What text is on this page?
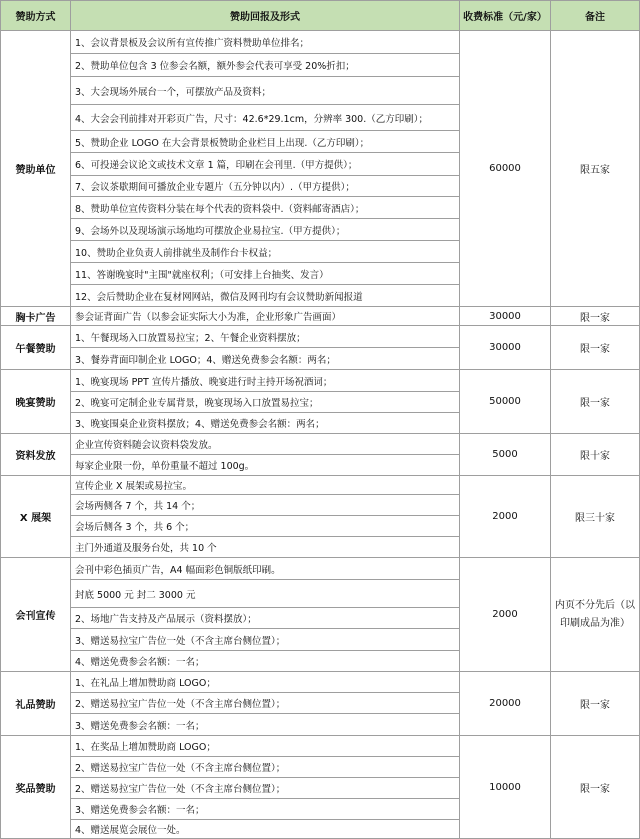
赞助方式	赞助回报及形式	收费标准（元/家）	备注
赞助单位	1、会议背景板及会议所有宣传推广资料赞助单位排名；	60000	限五家
	2、赞助单位包含 3 位参会名额，额外参会代表可享受 20%折扣；		
	3、大会现场外展台一个，可摆放产品及资料；		
	4、大会会刊前排对开彩页广告，尺寸：42.6*29.1cm，分辨率 300.（乙方印刷）；		
	5、赞助企业 LOGO 在大会背景板赞助企业栏目上出现.（乙方印刷）；		
	6、可投递会议论文或技术文章 1 篇，印刷在会刊里.（甲方提供）；		
	7、会议茶歇期间可播放企业专题片（五分钟以内）.（甲方提供）；		
	8、赞助单位宣传资料分装在每个代表的资料袋中.（资料邮寄酒店）；		
	9、会场外以及现场演示场地均可摆放企业易拉宝.（甲方提供）；		
	10、赞助企业负责人前排就坐及制作台卡权益；		
	11、答谢晚宴时"主围"就座权利；（可安排上台抽奖、发言）		
	12、会后赞助企业在复材网网站，微信及网刊均有会议赞助新闻报道		
胸卡广告	参会证背面广告（以参会证实际大小为准，企业形象广告画面）	30000	限一家
午餐赞助	1、午餐现场入口放置易拉宝；2、午餐企业资料摆放；	30000	限一家
	3、餐券背面印制企业 LOGO；4、赠送免费参会名额：两名；		
晚宴赞助	1、晚宴现场 PPT 宣传片播放、晚宴进行时主持开场祝酒词；	50000	限一家
	2、晚宴可定制企业专属背景，晚宴现场入口放置易拉宝；		
	3、晚宴围桌企业资料摆放；4、赠送免费参会名额：两名；		
资料发放	企业宣传资料随会议资料袋发放。	5000	限十家
	每家企业限一份，单份重量不超过 100g。		
X 展架	宣传企业 X 展架或易拉宝。	2000	限三十家
	会场两侧各 7 个，共 14 个；		
	会场后侧各 3 个，共 6 个；		
	主门外通道及服务台处，共 10 个		
会刊宣传	会刊中彩色插页广告，A4 幅面彩色铜版纸印刷。	2000	内页不分先后（以印刷成品为准）
	封底 5000 元 封二 3000 元		
	2、场地广告支持及产品展示（资料摆放）；		
	3、赠送易拉宝广告位一处（不含主席台侧位置）；		
	4、赠送免费参会名额：一名；		
礼品赞助	1、在礼品上增加赞助商 LOGO；	20000	限一家
	2、赠送易拉宝广告位一处（不含主席台侧位置）；		
	3、赠送免费参会名额：一名；		
奖品赞助	1、在奖品上增加赞助商 LOGO；	10000	限一家
	2、赠送易拉宝广告位一处（不含主席台侧位置）；		
	2、赠送易拉宝广告位一处（不含主席台侧位置）；		
	3、赠送免费参会名额：一名；		
	4、赠送展览会展位一处。		
